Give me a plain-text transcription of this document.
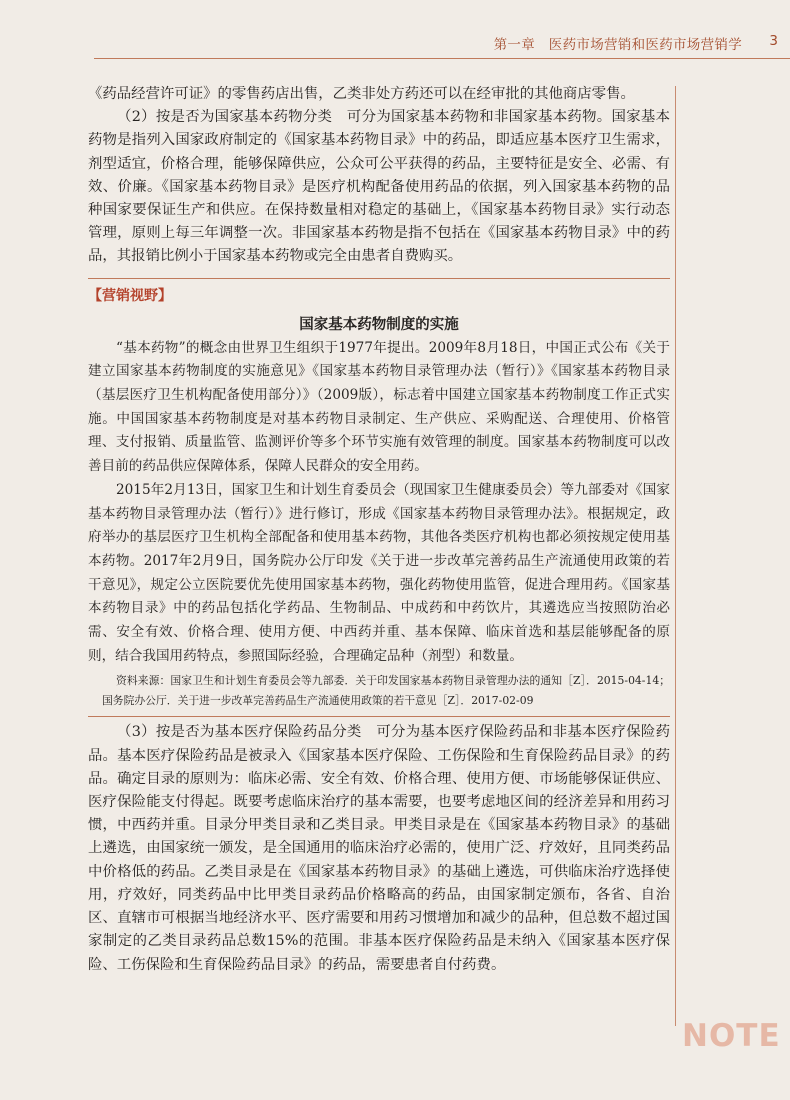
第一章　医药市场营销和医药市场营销学 3
NOTE

《药品经营许可证》的零售药店出售，乙类非处方药还可以在经审批的其他商店零售。

（2）按是否为国家基本药物分类　可分为国家基本药物和非国家基本药物。国家基本药物是指列入国家政府制定的《国家基本药物目录》中的药品，即适应基本医疗卫生需求，剂型适宜，价格合理，能够保障供应，公众可公平获得的药品，主要特征是安全、必需、有效、价廉。《国家基本药物目录》是医疗机构配备使用药品的依据，列入国家基本药物的品种国家要保证生产和供应。在保持数量相对稳定的基础上，《国家基本药物目录》实行动态管理，原则上每三年调整一次。非国家基本药物是指不包括在《国家基本药物目录》中的药品，其报销比例小于国家基本药物或完全由患者自费购买。

【营销视野】
国家基本药物制度的实施

“基本药物”的概念由世界卫生组织于1977年提出。2009年8月18日，中国正式公布《关于建立国家基本药物制度的实施意见》《国家基本药物目录管理办法（暂行）》《国家基本药物目录（基层医疗卫生机构配备使用部分）》（2009版），标志着中国建立国家基本药物制度工作正式实施。中国国家基本药物制度是对基本药物目录制定、生产供应、采购配送、合理使用、价格管理、支付报销、质量监管、监测评价等多个环节实施有效管理的制度。国家基本药物制度可以改善目前的药品供应保障体系，保障人民群众的安全用药。

2015年2月13日，国家卫生和计划生育委员会（现国家卫生健康委员会）等九部委对《国家基本药物目录管理办法（暂行）》进行修订，形成《国家基本药物目录管理办法》。根据规定，政府举办的基层医疗卫生机构全部配备和使用基本药物，其他各类医疗机构也都必须按规定使用基本药物。2017年2月9日，国务院办公厅印发《关于进一步改革完善药品生产流通使用政策的若干意见》，规定公立医院要优先使用国家基本药物，强化药物使用监管，促进合理用药。《国家基本药物目录》中的药品包括化学药品、生物制品、中成药和中药饮片，其遴选应当按照防治必需、安全有效、价格合理、使用方便、中西药并重、基本保障、临床首选和基层能够配备的原则，结合我国用药特点，参照国际经验，合理确定品种（剂型）和数量。

资料来源：国家卫生和计划生育委员会等九部委．关于印发国家基本药物目录管理办法的通知［Z］．2015-04-14；国务院办公厅．关于进一步改革完善药品生产流通使用政策的若干意见［Z］．2017-02-09

（3）按是否为基本医疗保险药品分类　可分为基本医疗保险药品和非基本医疗保险药品。基本医疗保险药品是被录入《国家基本医疗保险、工伤保险和生育保险药品目录》的药品。确定目录的原则为：临床必需、安全有效、价格合理、使用方便、市场能够保证供应、医疗保险能支付得起。既要考虑临床治疗的基本需要，也要考虑地区间的经济差异和用药习惯，中西药并重。目录分甲类目录和乙类目录。甲类目录是在《国家基本药物目录》的基础上遴选，由国家统一颁发，是全国通用的临床治疗必需的，使用广泛、疗效好，且同类药品中价格低的药品。乙类目录是在《国家基本药物目录》的基础上遴选，可供临床治疗选择使用，疗效好，同类药品中比甲类目录药品价格略高的药品，由国家制定颁布，各省、自治区、直辖市可根据当地经济水平、医疗需要和用药习惯增加和减少的品种，但总数不超过国家制定的乙类目录药品总数15%的范围。非基本医疗保险药品是未纳入《国家基本医疗保险、工伤保险和生育保险药品目录》的药品，需要患者自付药费。
